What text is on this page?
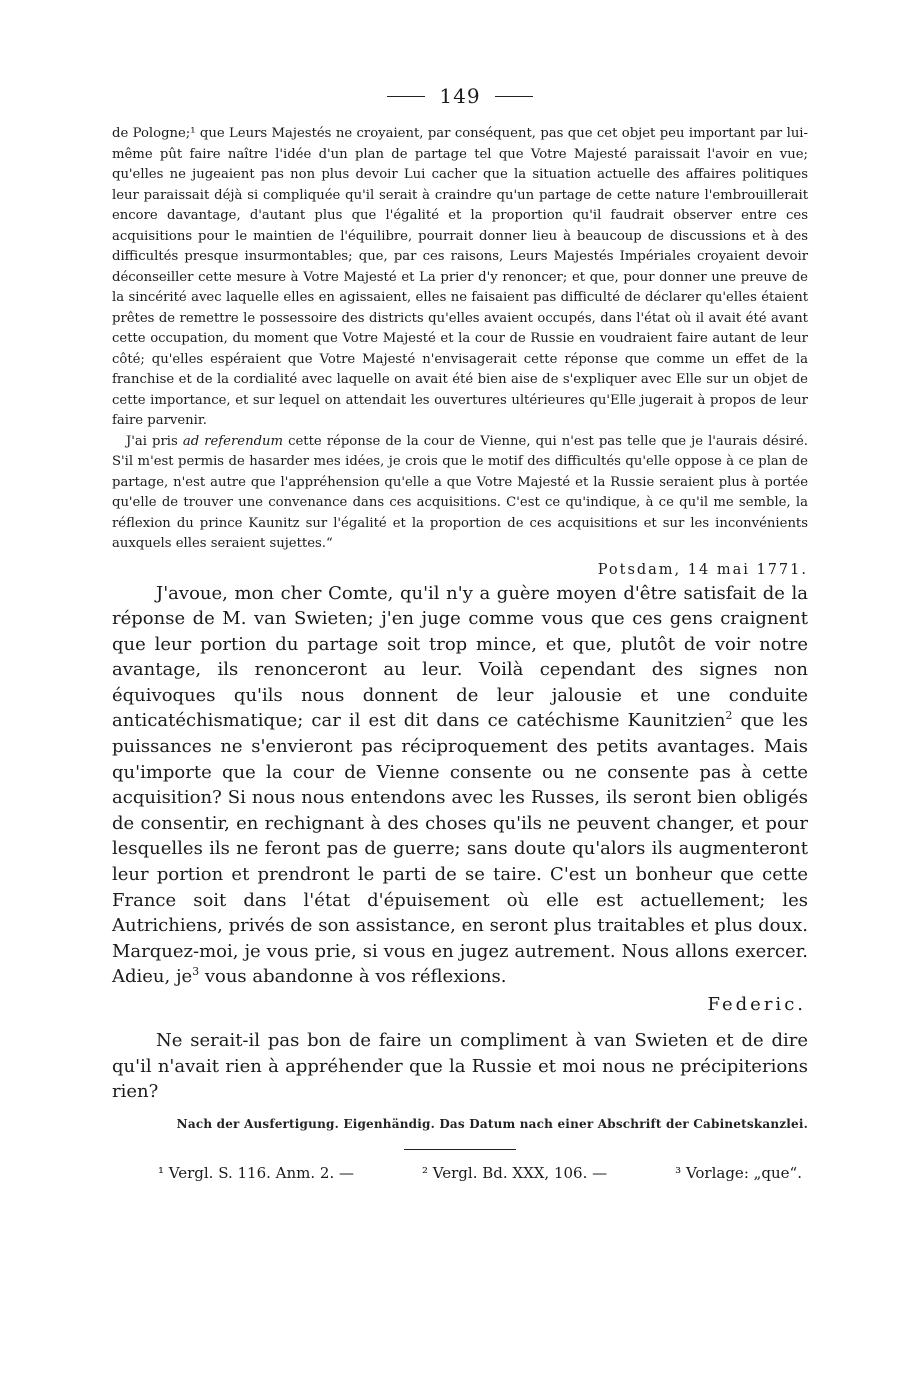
149

de Pologne;¹ que Leurs Majestés ne croyaient, par conséquent, pas que cet objet peu important par lui-même pût faire naître l'idée d'un plan de partage tel que Votre Majesté paraissait l'avoir en vue; qu'elles ne jugeaient pas non plus devoir Lui cacher que la situation actuelle des affaires politiques leur paraissait déjà si compliquée qu'il serait à craindre qu'un partage de cette nature l'embrouillerait encore davantage, d'autant plus que l'égalité et la proportion qu'il faudrait observer entre ces acquisitions pour le maintien de l'équilibre, pourrait donner lieu à beaucoup de discussions et à des difficultés presque insurmontables; que, par ces raisons, Leurs Majestés Impériales croyaient devoir déconseiller cette mesure à Votre Majesté et La prier d'y renoncer; et que, pour donner une preuve de la sincérité avec laquelle elles en agissaient, elles ne faisaient pas difficulté de déclarer qu'elles étaient prêtes de remettre le possessoire des districts qu'elles avaient occupés, dans l'état où il avait été avant cette occupation, du moment que Votre Majesté et la cour de Russie en voudraient faire autant de leur côté; qu'elles espéraient que Votre Majesté n'envisagerait cette réponse que comme un effet de la franchise et de la cordialité avec laquelle on avait été bien aise de s'expliquer avec Elle sur un objet de cette importance, et sur lequel on attendait les ouvertures ultérieures qu'Elle jugerait à propos de leur faire parvenir.

J'ai pris ad referendum cette réponse de la cour de Vienne, qui n'est pas telle que je l'aurais désiré. S'il m'est permis de hasarder mes idées, je crois que le motif des difficultés qu'elle oppose à ce plan de partage, n'est autre que l'appréhension qu'elle a que Votre Majesté et la Russie seraient plus à portée qu'elle de trouver une convenance dans ces acquisitions. C'est ce qu'indique, à ce qu'il me semble, la réflexion du prince Kaunitz sur l'égalité et la proportion de ces acquisitions et sur les inconvénients auxquels elles seraient sujettes.“

Potsdam, 14 mai 1771.

J'avoue, mon cher Comte, qu'il n'y a guère moyen d'être satisfait de la réponse de M. van Swieten; j'en juge comme vous que ces gens craignent que leur portion du partage soit trop mince, et que, plutôt de voir notre avantage, ils renonceront au leur. Voilà cependant des signes non équivoques qu'ils nous donnent de leur jalousie et une conduite anticatéchismatique; car il est dit dans ce catéchisme Kaunitzien$^2$ que les puissances ne s'envieront pas réciproquement des petits avantages. Mais qu'importe que la cour de Vienne consente ou ne consente pas à cette acquisition? Si nous nous entendons avec les Russes, ils seront bien obligés de consentir, en rechignant à des choses qu'ils ne peuvent changer, et pour lesquelles ils ne feront pas de guerre; sans doute qu'alors ils augmenteront leur portion et prendront le parti de se taire. C'est un bonheur que cette France soit dans l'état d'épuisement où elle est actuellement; les Autrichiens, privés de son assistance, en seront plus traitables et plus doux. Marquez-moi, je vous prie, si vous en jugez autrement. Nous allons exercer. Adieu, $je^3$ vous abandonne à vos réflexions.

Federic.

Ne serait-il pas bon de faire un compliment à van Swieten et de dire qu'il n'avait rien à appréhender que la Russie et moi nous ne précipiterions rien?

Nach der Ausfertigung. Eigenhändig. Das Datum nach einer Abschrift der Cabinetskanzlei.
¹ Vergl. S. 116. Anm. 2. —	² Vergl. Bd. XXX, 106. —	³ Vorlage: „que“.
